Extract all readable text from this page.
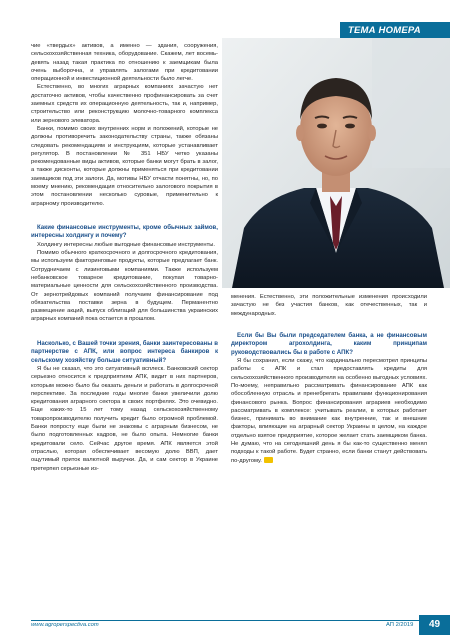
ТЕМА НОМЕРА

чие «твердых» активов, а именно — здания, сооружения, сельскохозяйственная техника, оборудование. Скажем, лет восемь-девять назад такая практика по отношению к заемщикам была очень выборочна, и управлять залогами при кредитовании операционной и инвестиционной деятельности было легче.

Естественно, во многих аграрных компаниях зачастую нет достаточно активов, чтобы качественно профинансировать за счет заемных средств их операционную деятельность, так и, например, строительство или реконструкцию молочно-товарного комплекса или зернового элеватора.

Банки, помимо своих внутренних норм и положений, которые не должны противоречить законодательству страны, также обязаны следовать рекомендациям и инструкциям, которые устанавливает регулятор. В постановлении № 351 НБУ четко указаны рекомендованные виды активов, которые банки могут брать в залог, а также дисконты, которые должны применяться при кредитовании заемщиков под эти залоги. Да, мотивы НБУ отчасти понятны, но, по моему мнению, рекомендация относительно залогового покрытия в этом постановлении несколько суровые, применительно к аграрному производителю.

Какие финансовые инструменты, кроме обычных займов, интересны холдингу и почему?

Холдингу интересны любые выгодные финансовые инструменты.

Помимо обычного краткосрочного и долгосрочного кредитования, мы используем факторинговые продукты, которые предлагает банк. Сотрудничаем с лизинговыми компаниями. Также используем небанковское товарное кредитование, покупая товарно-материальные ценности для сельскохозяйственного производства. От зернотрейдовых компаний получаем финансирование под обязательства поставки зерна в будущем. Перманентно размещение акций, выпуск облигаций для большинства украинских аграрных компаний пока остается в прошлом.

Насколько, с Вашей точки зрения, банки заинтересованы в партнерстве с АПК, или вопрос интереса банкиров к сельскому хозяйству больше ситуативный?

Я бы не сказал, что это ситуативный всплеск. Банковский сектор серьезно относится к предприятиям АПК, видит в них партнеров, которым можно было бы оказать деньги и работать в долгосрочной перспективе. За последние годы многие банки увеличили долю кредитования аграрного сектора в своих портфелях. Это очевидно. Еще каких-то 15 лет тому назад сельскохозяйственному товаропроизводителю получить кредит было огромной проблемой. Банки попросту еще были не знакомы с аграрным бизнесом, не было подготовленных кадров, не было опыта. Немногие банки кредитовали село. Сейчас другое время. АПК является этой отраслью, которая обеспечивает весомую долю ВВП, дает ощутимый приток валютной выручки. Да, и сам сектор в Украине претерпел серьезные из-

менения. Естественно, эти положительные изменения происходили зачастую не без участия банков, как отечественных, так и международных.

Если бы Вы были председателем банка, а не финансовым директором агрохолдинга, каким принципам руководствовались бы в работе с АПК?

Я бы сохранил, если скажу, что кардинально пересмотрел принципы работы с АПК и стал предоставлять кредиты для сельскохозяйственного производителя на особенно выгодных условиях. По-моему, неправильно рассматривать финансирование АПК как обособленную отрасль и пренебрегать правилами функционирования финансового рынка. Вопрос финансирования аграриев необходимо рассматривать в комплексе: учитывать реалии, в которых работает бизнес, принимать во внимание как внутренние, так и внешние факторы, влияющие на аграрный сектор Украины в целом, на каждое отдельно взятое предприятие, которое желает стать заемщиком банка. Не думаю, что на сегодняшний день я бы как-то существенно менял подходы к такой работе. Будет странно, если банки станут действовать по-другому.

www.agroperspectiva.com	АП 2/2019	49
